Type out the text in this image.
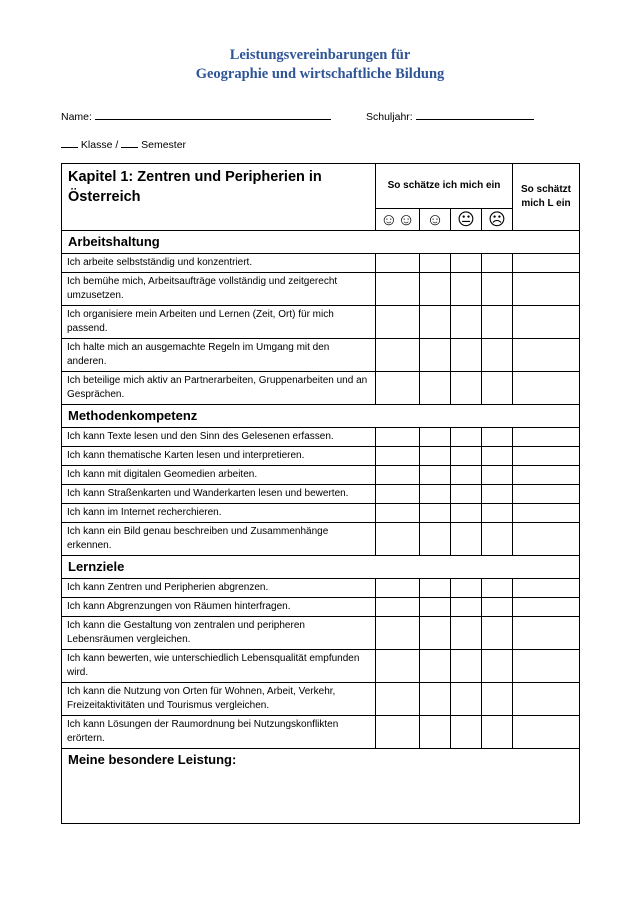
Leistungsvereinbarungen für
Geographie und wirtschaftliche Bildung
Name:	Schuljahr:
Klasse / Semester
Kapitel 1: Zentren und Peripherien in Österreich	So schätze ich mich ein				So schätzt mich L ein
	☺☺	☺	😐	☹	
Arbeitshaltung					
Ich arbeite selbstständig und konzentriert.					
Ich bemühe mich, Arbeitsaufträge vollständig und zeitgerecht umzusetzen.					
Ich organisiere mein Arbeiten und Lernen (Zeit, Ort) für mich passend.					
Ich halte mich an ausgemachte Regeln im Umgang mit den anderen.					
Ich beteilige mich aktiv an Partnerarbeiten, Gruppenarbeiten und an Gesprächen.					
Methodenkompetenz					
Ich kann Texte lesen und den Sinn des Gelesenen erfassen.					
Ich kann thematische Karten lesen und interpretieren.					
Ich kann mit digitalen Geomedien arbeiten.					
Ich kann Straßenkarten und Wanderkarten lesen und bewerten.					
Ich kann im Internet recherchieren.					
Ich kann ein Bild genau beschreiben und Zusammenhänge erkennen.					
Lernziele					
Ich kann Zentren und Peripherien abgrenzen.					
Ich kann Abgrenzungen von Räumen hinterfragen.					
Ich kann die Gestaltung von zentralen und peripheren Lebensräumen vergleichen.					
Ich kann bewerten, wie unterschiedlich Lebensqualität empfunden wird.					
Ich kann die Nutzung von Orten für Wohnen, Arbeit, Verkehr, Freizeitaktivitäten und Tourismus vergleichen.					
Ich kann Lösungen der Raumordnung bei Nutzungskonflikten erörtern.					
Meine besondere Leistung:					
